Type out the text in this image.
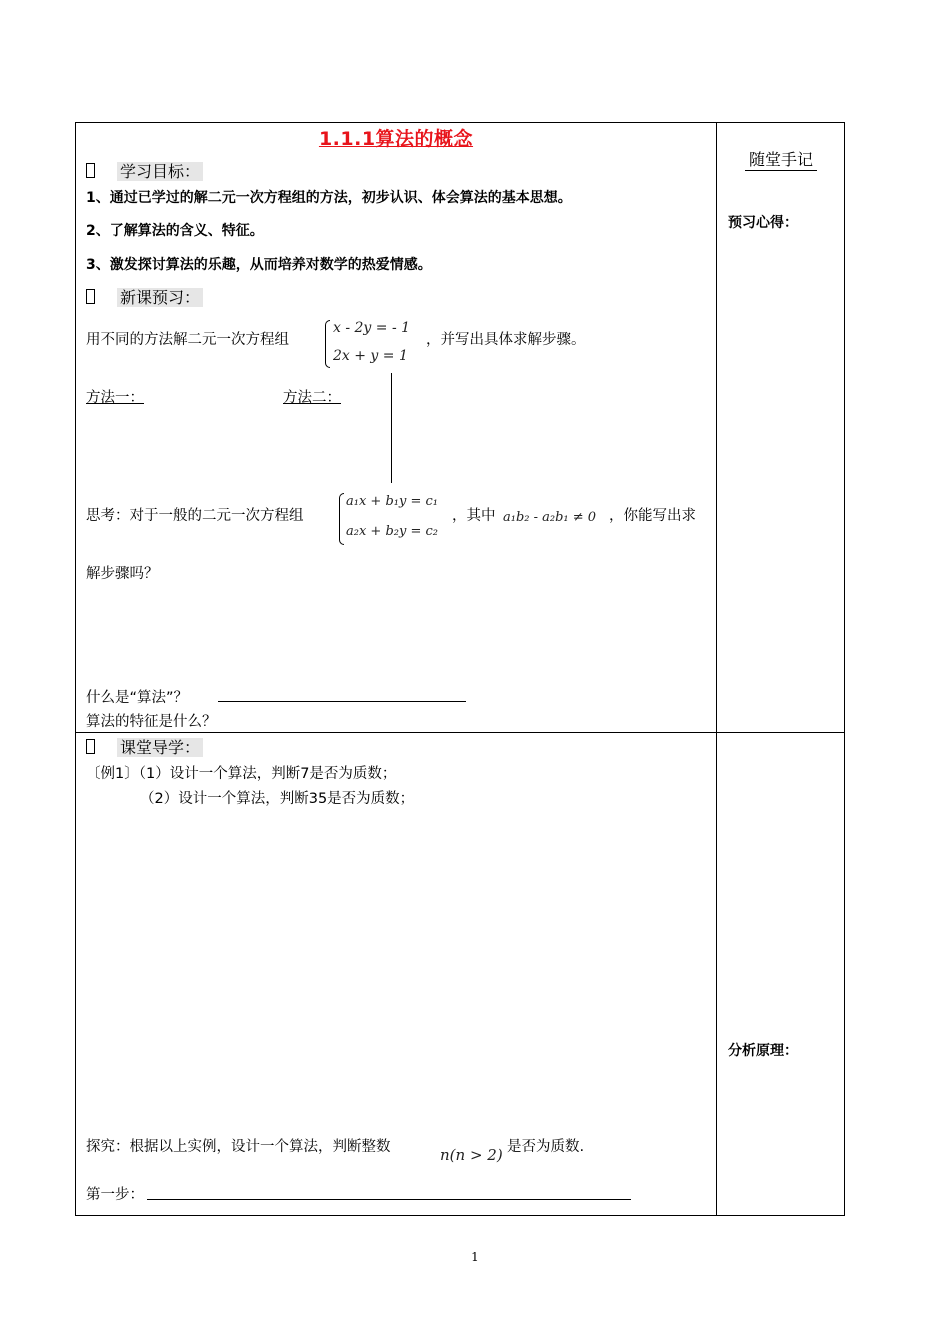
1.1.1算法的概念
随堂手记
预习心得：
分析原理：
学习目标：
1、通过已学过的解二元一次方程组的方法，初步认识、体会算法的基本思想。
2、了解算法的含义、特征。
3、激发探讨算法的乐趣，从而培养对数学的热爱情感。
新课预习：
用不同的方法解二元一次方程组
x - 2y = - 1
2x + y = 1
，并写出具体求解步骤。
方法一：	方法二：
思考：对于一般的二元一次方程组
a₁x + b₁y = c₁
a₂x + b₂y = c₂
，其中 a₁b₂ - a₂b₁ ≠ 0 ，你能写出求
解步骤吗？
什么是“算法”？
算法的特征是什么？
课堂导学：
〔例1〕（1）设计一个算法，判断7是否为质数；
（2）设计一个算法，判断35是否为质数；
探究：根据以上实例，设计一个算法，判断整数	n(n > 2) 是否为质数.
第一步：
1
